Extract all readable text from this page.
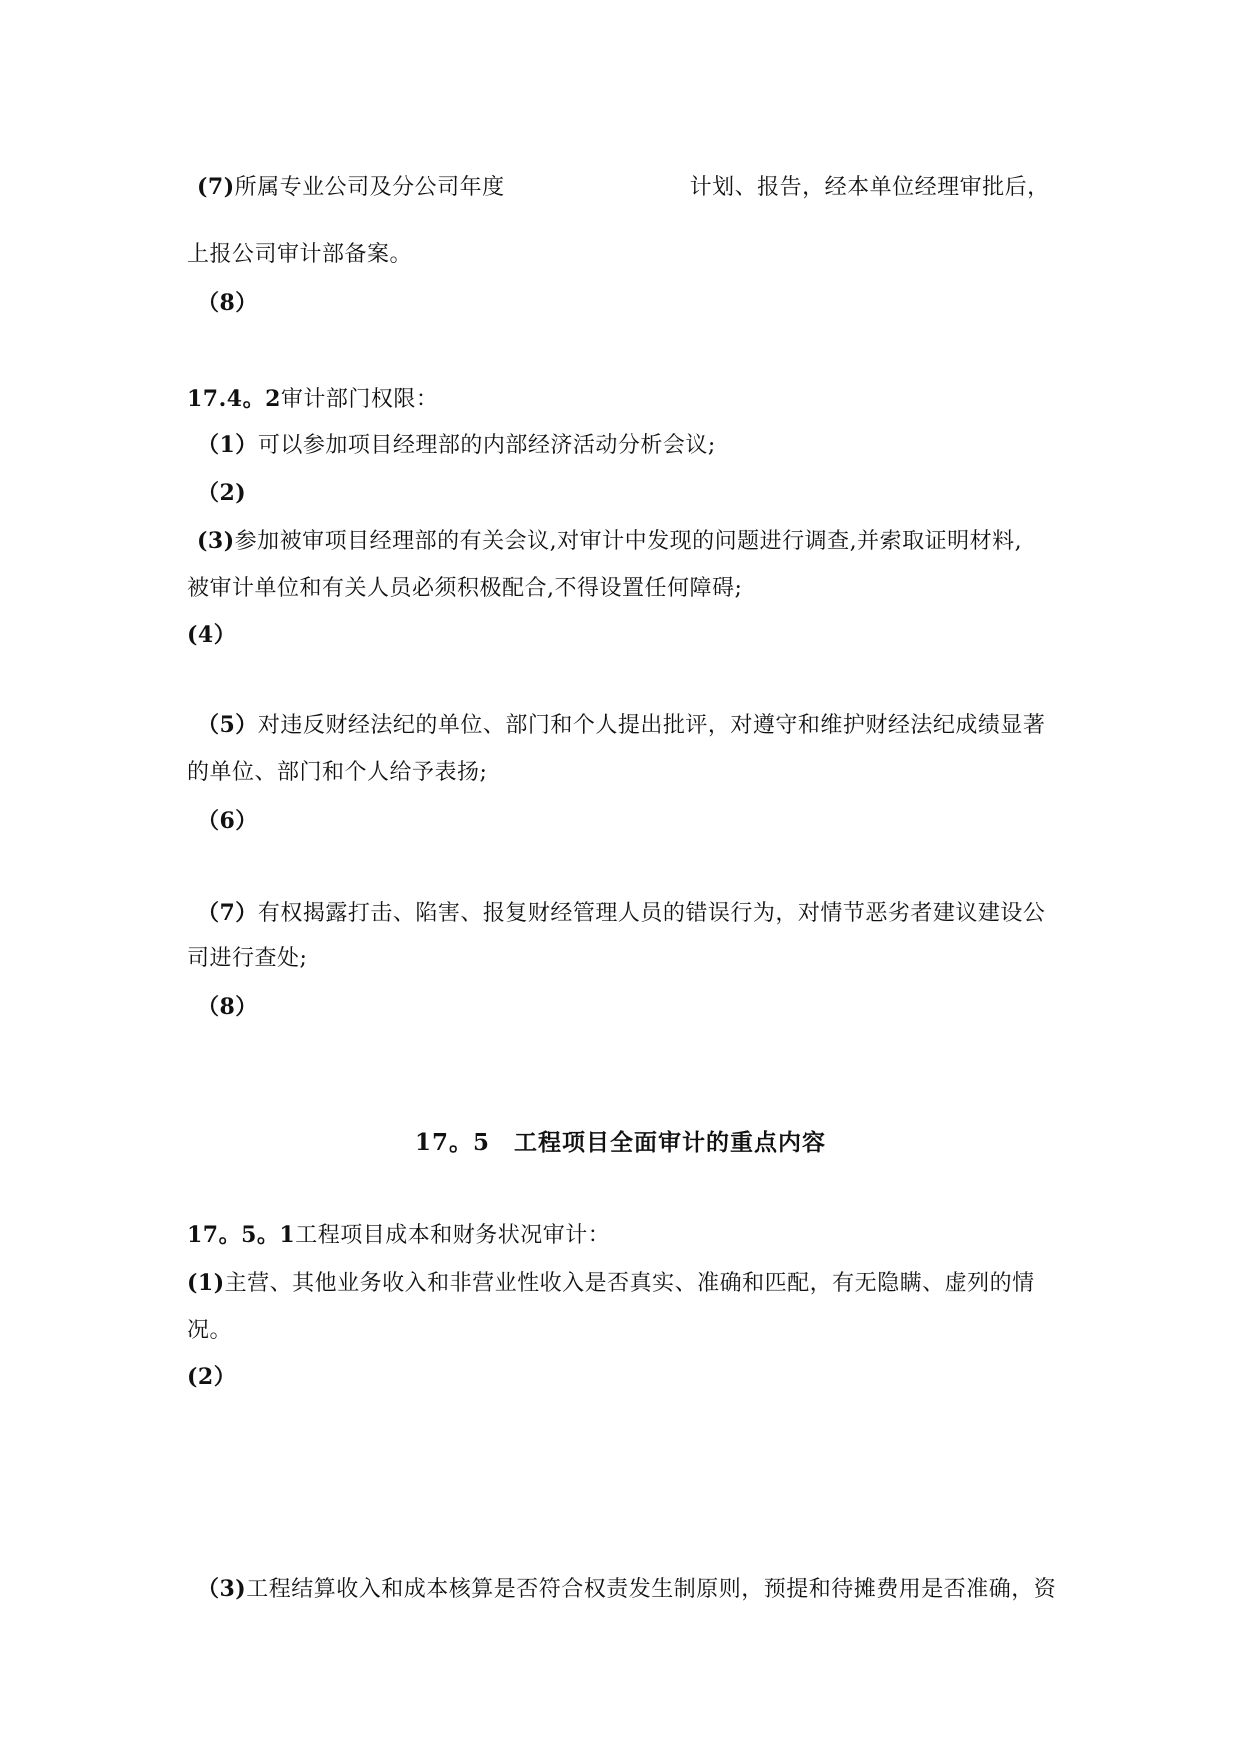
(7)所属专业公司及分公司年度	计划、报告，经本单位经理审批后，
上报公司审计部备案。
（8）
17.4。2审计部门权限：
（1）可以参加项目经理部的内部经济活动分析会议;
（2)
(3)参加被审项目经理部的有关会议,对审计中发现的问题进行调查,并索取证明材料,
被审计单位和有关人员必须积极配合,不得设置任何障碍;
(4）
（5）对违反财经法纪的单位、部门和个人提出批评，对遵守和维护财经法纪成绩显著
的单位、部门和个人给予表扬;
（6）
（7）有权揭露打击、陷害、报复财经管理人员的错误行为，对情节恶劣者建议建设公
司进行查处;
（8）
17。5　工程项目全面审计的重点内容
17。5。1工程项目成本和财务状况审计：
(1)主营、其他业务收入和非营业性收入是否真实、准确和匹配，有无隐瞒、虚列的情
况。
(2）
（3)工程结算收入和成本核算是否符合权责发生制原则，预提和待摊费用是否准确，资
